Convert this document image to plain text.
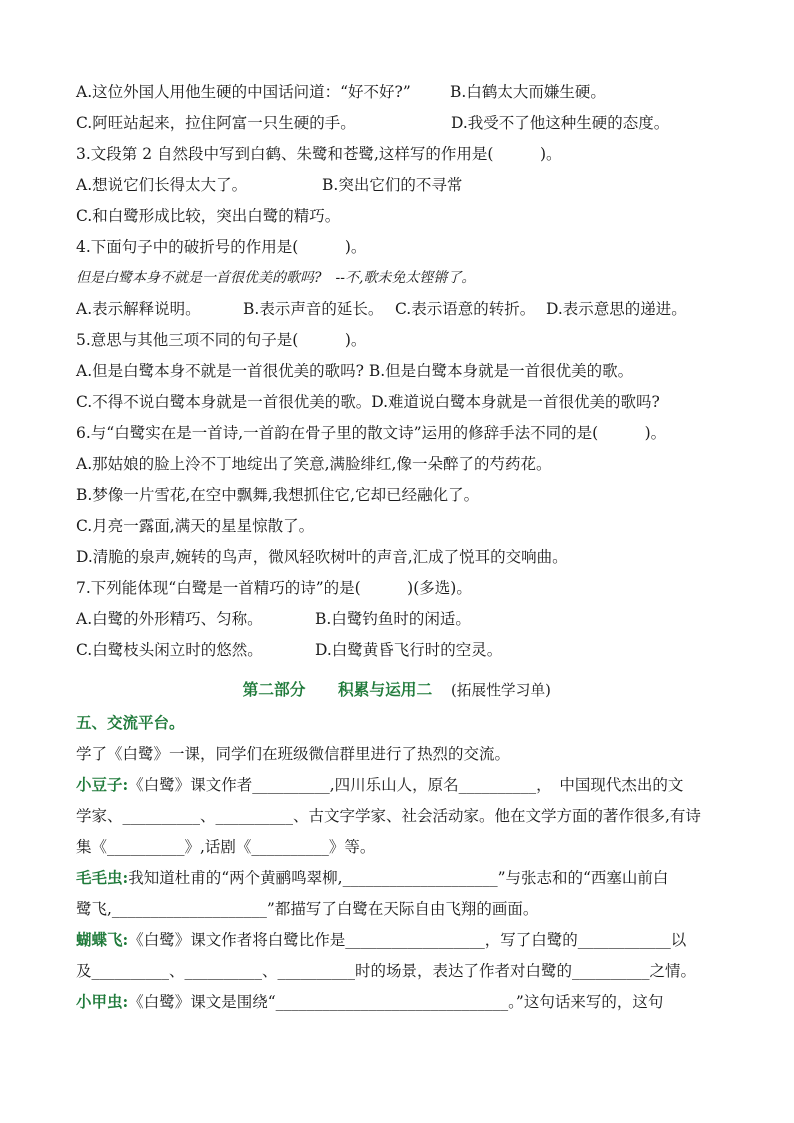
A.这位外国人用他生硬的中国话问道：“好不好?”	B.白鹤太大而嫌生硬。
C.阿旺站起来，拉住阿富一只生硬的手。	D.我受不了他这种生硬的态度。
3.文段第 2 自然段中写到白鹤、朱鹭和苍鹭,这样写的作用是(　　　)。
A.想说它们长得太大了。	B.突出它们的不寻常
C.和白鹭形成比较，突出白鹭的精巧。
4.下面句子中的破折号的作用是(　　　)。
但是白鹭本身不就是一首很优美的歌吗?　--不,歌未免太铿锵了。
A.表示解释说明。	B.表示声音的延长。 C.表示语意的转折。 D.表示意思的递进。
5.意思与其他三项不同的句子是(　　　)。
A.但是白鹭本身不就是一首很优美的歌吗? B.但是白鹭本身就是一首很优美的歌。
C.不得不说白鹭本身就是一首很优美的歌。D.难道说白鹭本身就是一首很优美的歌吗?
6.与“白鹭实在是一首诗,一首韵在骨子里的散文诗”运用的修辞手法不同的是(　　　)。
A.那姑娘的脸上泠不丁地绽出了笑意,满脸绯红,像一朵醉了的芍药花。
B.梦像一片雪花,在空中飘舞,我想抓住它,它却已经融化了。
C.月亮一露面,满天的星星惊散了。
D.清脆的泉声,婉转的鸟声，微风轻吹树叶的声音,汇成了悦耳的交响曲。
7.下列能体现“白鹭是一首精巧的诗”的是(　　　)(多选)。
A.白鹭的外形精巧、匀称。	B.白鹭钓鱼时的闲适。
C.白鹭枝头闲立时的悠然。	D.白鹭黄昏飞行时的空灵。
第二部分 积累与运用二 (拓展性学习单)
五、交流平台。
学了《白鹭》一课，同学们在班级微信群里进行了热烈的交流。
小豆子:《白鹭》课文作者__________,四川乐山人，原名__________，　中国现代杰出的文
学家、__________、__________、古文字学家、社会活动家。他在文学方面的著作很多,有诗
集《__________》,话剧《__________》等。
毛毛虫:我知道杜甫的“两个黄鹂鸣翠柳,____________________”与张志和的“西塞山前白
鹭飞,____________________”都描写了白鹭在天际自由飞翔的画面。
蝴蝶飞:《白鹭》课文作者将白鹭比作是__________________，写了白鹭的____________以
及__________、__________、__________时的场景，表达了作者对白鹭的__________之情。
小甲虫:《白鹭》课文是围绕“______________________________。”这句话来写的，这句
